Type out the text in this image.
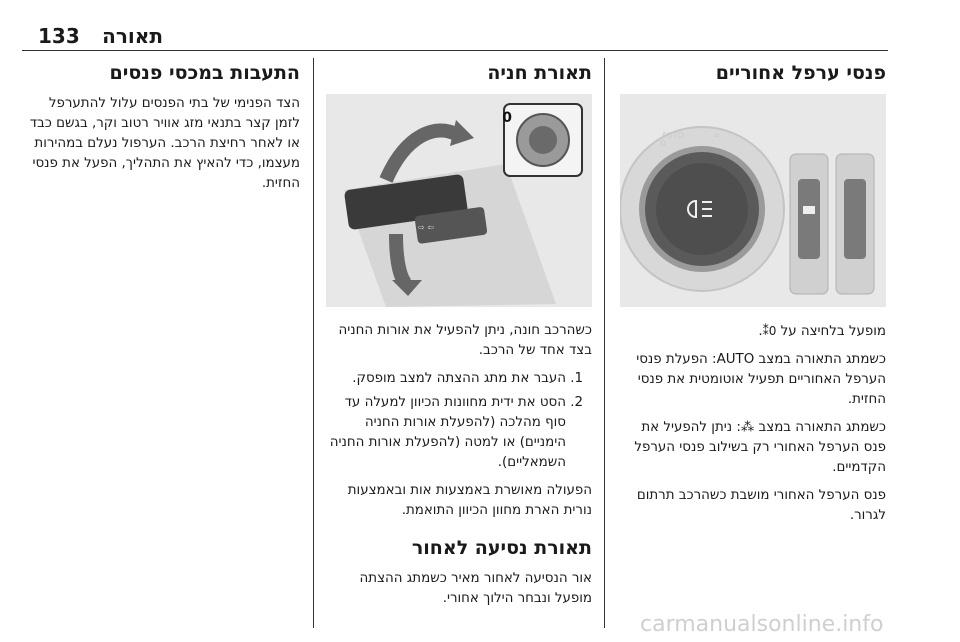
133 תאורה
פנסי ערפל אחוריים
O
AUTO	≈

מופעל בלחיצה על 0⁑.

כשמתג התאורה במצב AUTO: הפעלת פנסי הערפל האחוריים תפעיל אוטומטית את פנסי החזית.

כשמתג התאורה במצב ⁂: ניתן להפעיל את פנס הערפל האחורי רק בשילוב פנסי הערפל הקדמיים.

פנס הערפל האחורי מושבת כשהרכב תרתום לגרור.

תאורת חניה
⇦ ⇨
0

כשהרכב חונה, ניתן להפעיל את אורות החניה בצד אחד של הרכב.

1. העבר את מתג ההצתה למצב מופסק.
2. הסט את ידית מחוונות הכיוון למעלה עד סוף מהלכה (להפעלת אורות החניה הימניים) או למטה (להפעלת אורות החניה השמאליים).

הפעולה מאושרת באמצעות אות ובאמצעות נורית הארת מחוון הכיוון התואמת.

תאורת נסיעה לאחור

אור הנסיעה לאחור מאיר כשמתג ההצתה מופעל ונבחר הילוך אחורי.

התעבות במכסי פנסים

הצד הפנימי של בתי הפנסים עלול להתערפל לזמן קצר בתנאי מזג אוויר רטוב וקר, בגשם כבד או לאחר רחיצת הרכב. הערפול נעלם במהירות מעצמו, כדי להאיץ את התהליך, הפעל את פנסי החזית.

carmanualsonline.info
